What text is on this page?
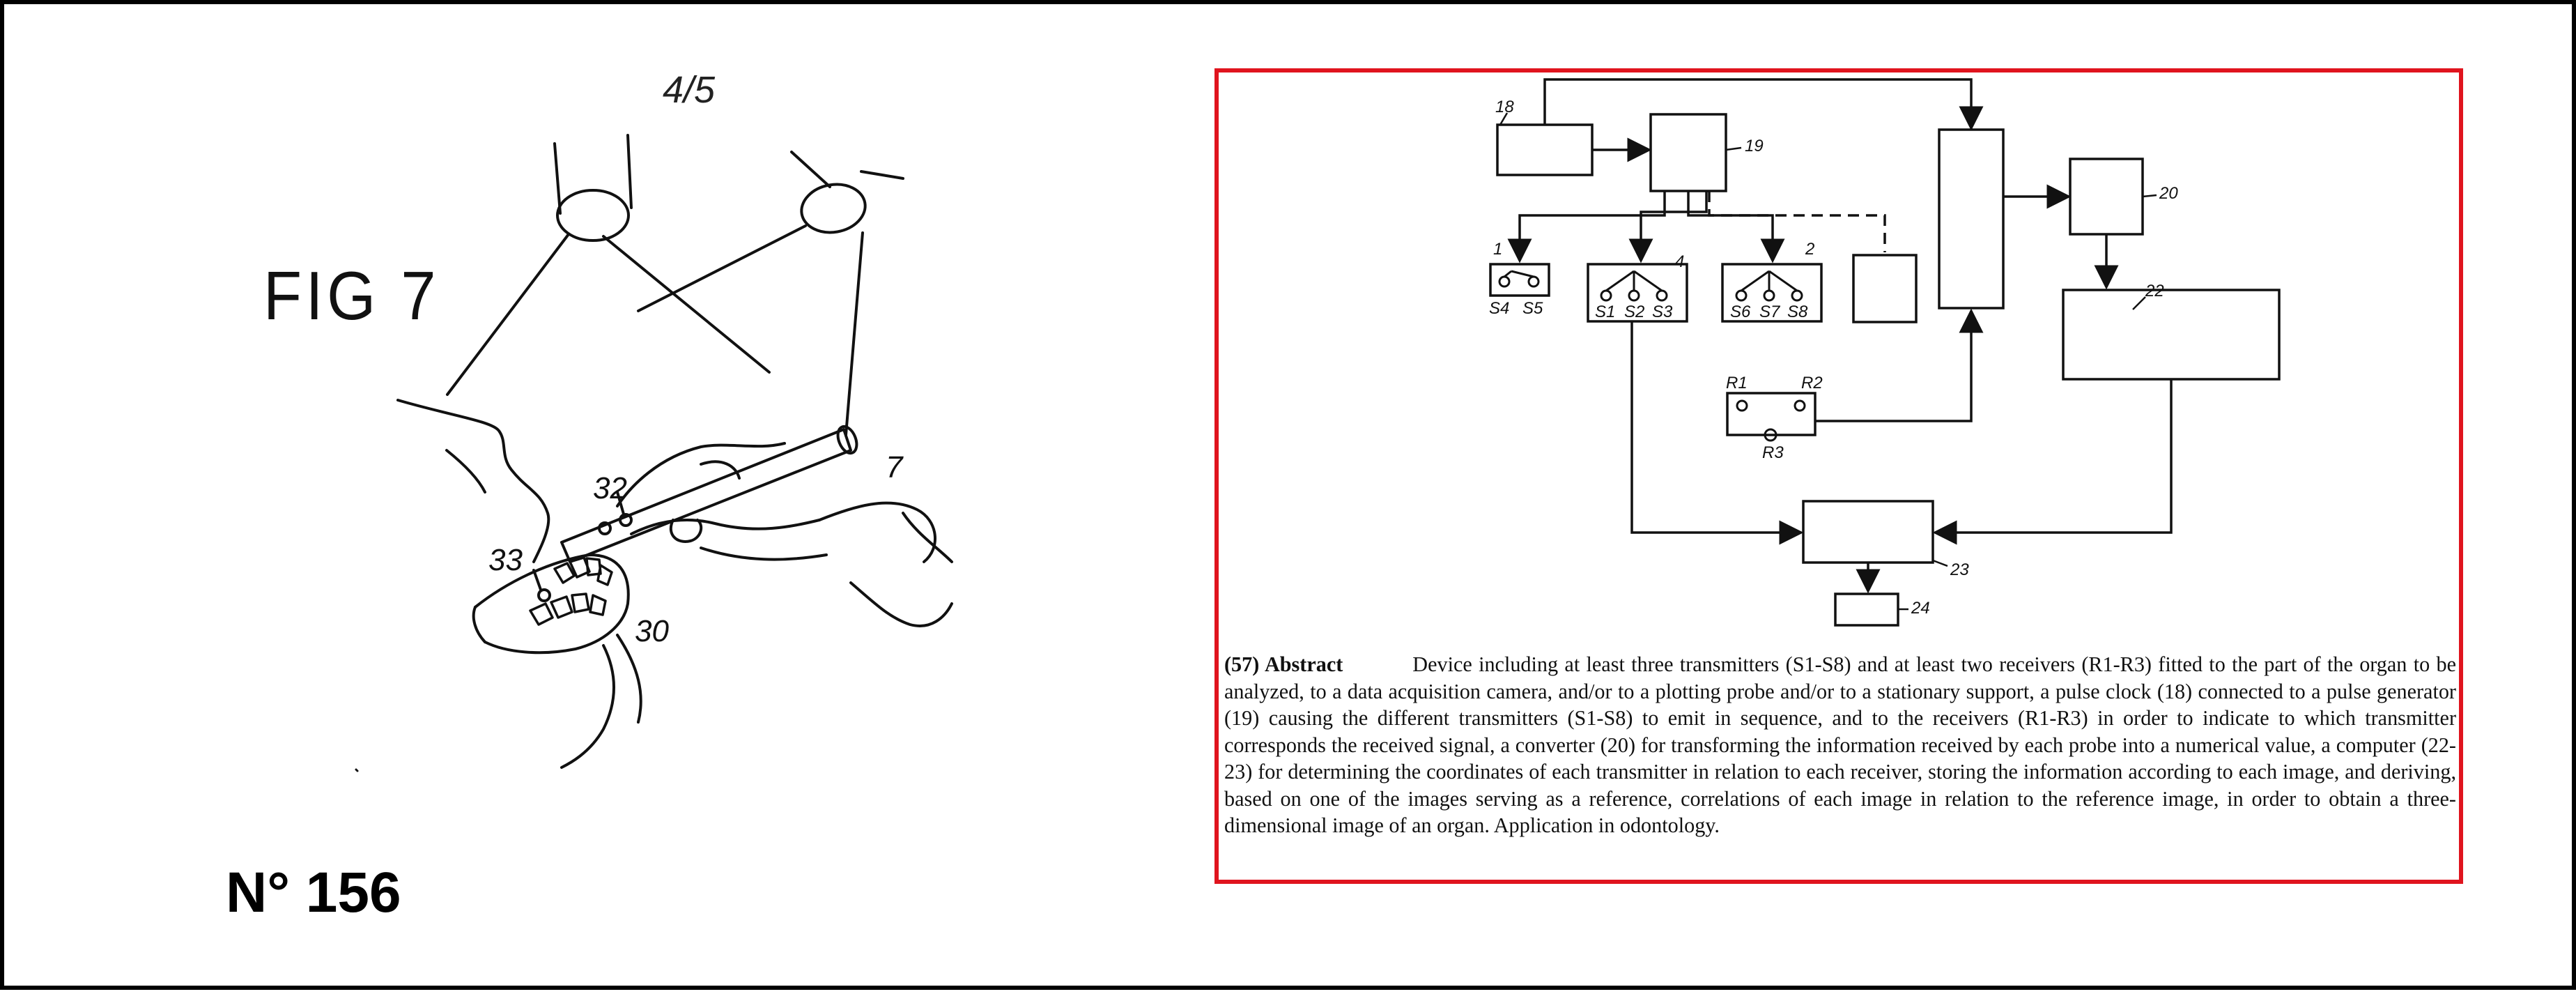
4/5
FIG 7
7
32
33
30
N° 156
18
19
20
22
23
24
1
4
2
S4 S5	S1 S2 S3	S6 S7 S8
R1	R2
R3
(57) Abstract	Device including at least three transmitters (S1-S8) and at least two receivers (R1-R3) fitted to the part of the organ to be analyzed, to a data acquisition camera, and/or to a plotting probe and/or to a stationary support, a pulse clock (18) connected to a pulse generator (19) causing the different transmitters (S1-S8) to emit in sequence, and to the receivers (R1-R3) in order to indicate to which transmitter corresponds the received signal, a converter (20) for transforming the information received by each probe into a numerical value, a computer (22-23) for determining the coordinates of each transmitter in relation to each receiver, storing the information according to each image, and deriving, based on one of the images serving as a reference, correlations of each image in relation to the reference image, in order to obtain a three-dimensional image of an organ. Application in odontology.
